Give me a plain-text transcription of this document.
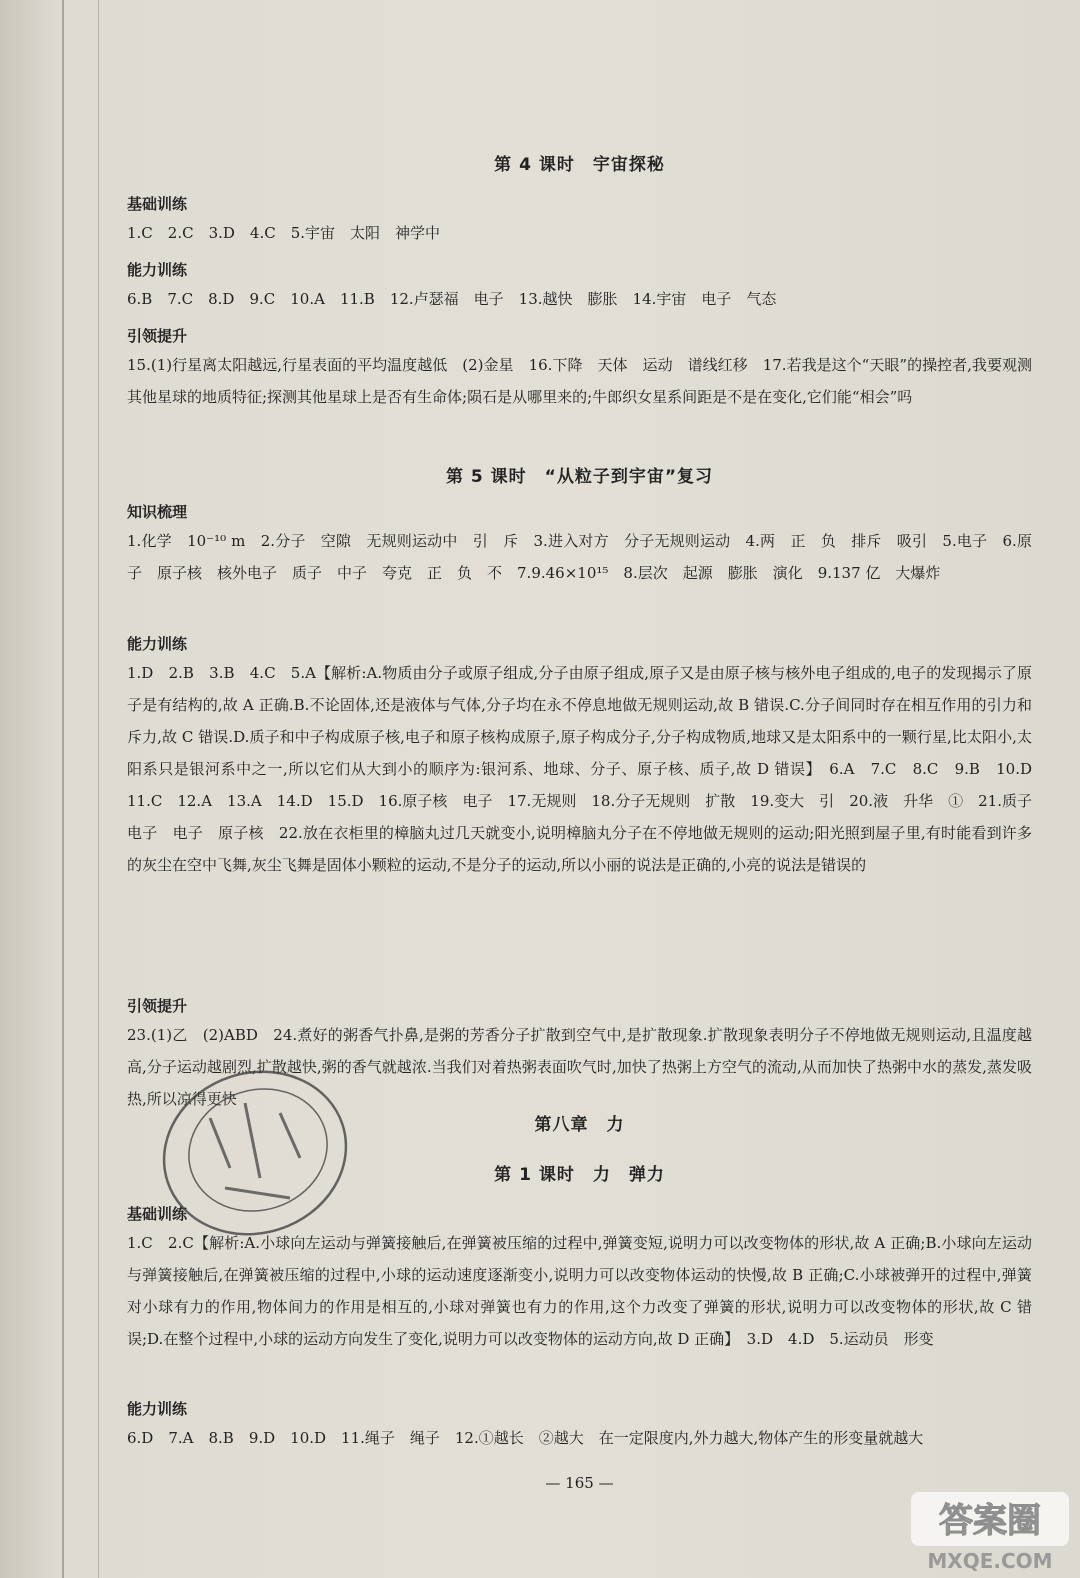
第 4 课时　宇宙探秘
基础训练
1.C　2.C　3.D　4.C　5.宇宙　太阳　神学中
能力训练
6.B　7.C　8.D　9.C　10.A　11.B　12.卢瑟福　电子　13.越快　膨胀　14.宇宙　电子　气态
引领提升
15.(1)行星离太阳越远,行星表面的平均温度越低　(2)金星　16.下降　天体　运动　谱线红移　17.若我是这个“天眼”的操控者,我要观测其他星球的地质特征;探测其他星球上是否有生命体;陨石是从哪里来的;牛郎织女星系间距是不是在变化,它们能“相会”吗
第 5 课时　“从粒子到宇宙”复习
知识梳理
1.化学　10⁻¹⁰ m　2.分子　空隙　无规则运动中　引　斥　3.进入对方　分子无规则运动　4.两　正　负　排斥　吸引　5.电子　6.原子　原子核　核外电子　质子　中子　夸克　正　负　不　7.9.46×10¹⁵　8.层次　起源　膨胀　演化　9.137 亿　大爆炸
能力训练
1.D　2.B　3.B　4.C　5.A【解析:A.物质由分子或原子组成,分子由原子组成,原子又是由原子核与核外电子组成的,电子的发现揭示了原子是有结构的,故 A 正确.B.不论固体,还是液体与气体,分子均在永不停息地做无规则运动,故 B 错误.C.分子间同时存在相互作用的引力和斥力,故 C 错误.D.质子和中子构成原子核,电子和原子核构成原子,原子构成分子,分子构成物质,地球又是太阳系中的一颗行星,比太阳小,太阳系只是银河系中之一,所以它们从大到小的顺序为:银河系、地球、分子、原子核、质子,故 D 错误】　6.A　7.C　8.C　9.B　10.D　11.C　12.A　13.A　14.D　15.D　16.原子核　电子　17.无规则　18.分子无规则　扩散　19.变大　引　20.液　升华　①　21.质子　电子　电子　原子核　22.放在衣柜里的樟脑丸过几天就变小,说明樟脑丸分子在不停地做无规则的运动;阳光照到屋子里,有时能看到许多的灰尘在空中飞舞,灰尘飞舞是固体小颗粒的运动,不是分子的运动,所以小丽的说法是正确的,小亮的说法是错误的
引领提升
23.(1)乙　(2)ABD　24.煮好的粥香气扑鼻,是粥的芳香分子扩散到空气中,是扩散现象.扩散现象表明分子不停地做无规则运动,且温度越高,分子运动越剧烈,扩散越快,粥的香气就越浓.当我们对着热粥表面吹气时,加快了热粥上方空气的流动,从而加快了热粥中水的蒸发,蒸发吸热,所以凉得更快
第八章　力
第 1 课时　力　弹力
基础训练
1.C　2.C【解析:A.小球向左运动与弹簧接触后,在弹簧被压缩的过程中,弹簧变短,说明力可以改变物体的形状,故 A 正确;B.小球向左运动与弹簧接触后,在弹簧被压缩的过程中,小球的运动速度逐渐变小,说明力可以改变物体运动的快慢,故 B 正确;C.小球被弹开的过程中,弹簧对小球有力的作用,物体间力的作用是相互的,小球对弹簧也有力的作用,这个力改变了弹簧的形状,说明力可以改变物体的形状,故 C 错误;D.在整个过程中,小球的运动方向发生了变化,说明力可以改变物体的运动方向,故 D 正确】　3.D　4.D　5.运动员　形变
能力训练
6.D　7.A　8.B　9.D　10.D　11.绳子　绳子　12.①越长　②越大　在一定限度内,外力越大,物体产生的形变量就越大
— 165 —
答案圈
MXQE.COM
